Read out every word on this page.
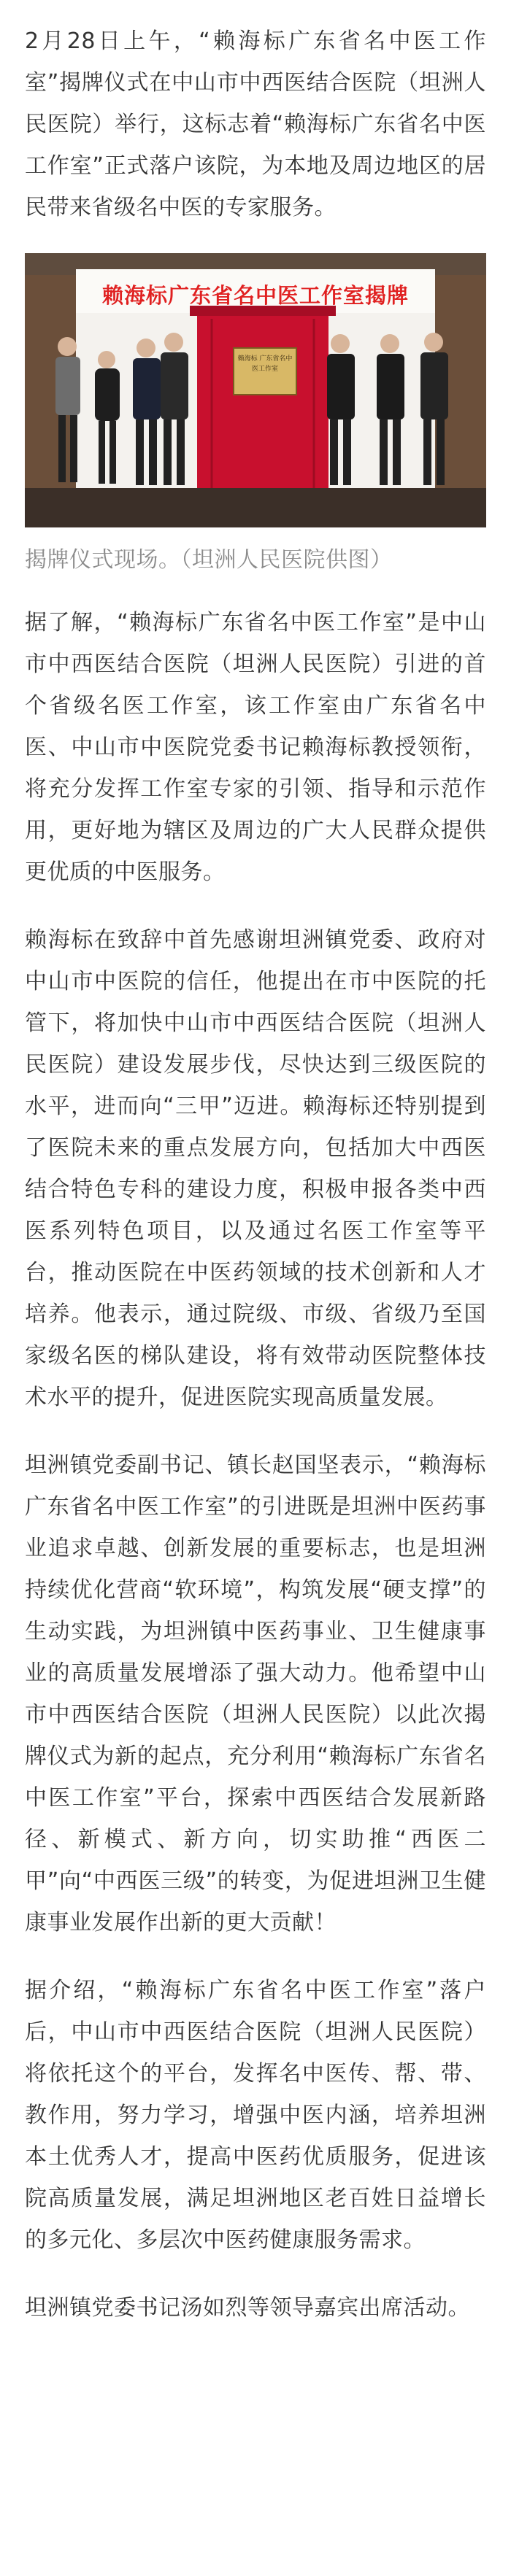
2月28日上午，“赖海标广东省名中医工作室”揭牌仪式在中山市中西医结合医院（坦洲人民医院）举行，这标志着“赖海标广东省名中医工作室”正式落户该院，为本地及周边地区的居民带来省级名中医的专家服务。

赖海标广东省名中医工作室揭牌
赖海标 广东省名中医工作室
揭牌仪式现场。（坦洲人民医院供图）

据了解，“赖海标广东省名中医工作室”是中山市中西医结合医院（坦洲人民医院）引进的首个省级名医工作室，该工作室由广东省名中医、中山市中医院党委书记赖海标教授领衔，将充分发挥工作室专家的引领、指导和示范作用，更好地为辖区及周边的广大人民群众提供更优质的中医服务。

赖海标在致辞中首先感谢坦洲镇党委、政府对中山市中医院的信任，他提出在市中医院的托管下，将加快中山市中西医结合医院（坦洲人民医院）建设发展步伐，尽快达到三级医院的水平，进而向“三甲”迈进。赖海标还特别提到了医院未来的重点发展方向，包括加大中西医结合特色专科的建设力度，积极申报各类中西医系列特色项目，以及通过名医工作室等平台，推动医院在中医药领域的技术创新和人才培养。他表示，通过院级、市级、省级乃至国家级名医的梯队建设，将有效带动医院整体技术水平的提升，促进医院实现高质量发展。

坦洲镇党委副书记、镇长赵国坚表示，“赖海标广东省名中医工作室”的引进既是坦洲中医药事业追求卓越、创新发展的重要标志，也是坦洲持续优化营商“软环境”，构筑发展“硬支撑”的生动实践，为坦洲镇中医药事业、卫生健康事业的高质量发展增添了强大动力。他希望中山市中西医结合医院（坦洲人民医院）以此次揭牌仪式为新的起点，充分利用“赖海标广东省名中医工作室”平台，探索中西医结合发展新路径、新模式、新方向，切实助推“西医二甲”向“中西医三级”的转变，为促进坦洲卫生健康事业发展作出新的更大贡献！

据介绍，“赖海标广东省名中医工作室”落户后，中山市中西医结合医院（坦洲人民医院）将依托这个的平台，发挥名中医传、帮、带、教作用，努力学习，增强中医内涵，培养坦洲本土优秀人才，提高中医药优质服务，促进该院高质量发展，满足坦洲地区老百姓日益增长的多元化、多层次中医药健康服务需求。

坦洲镇党委书记汤如烈等领导嘉宾出席活动。
